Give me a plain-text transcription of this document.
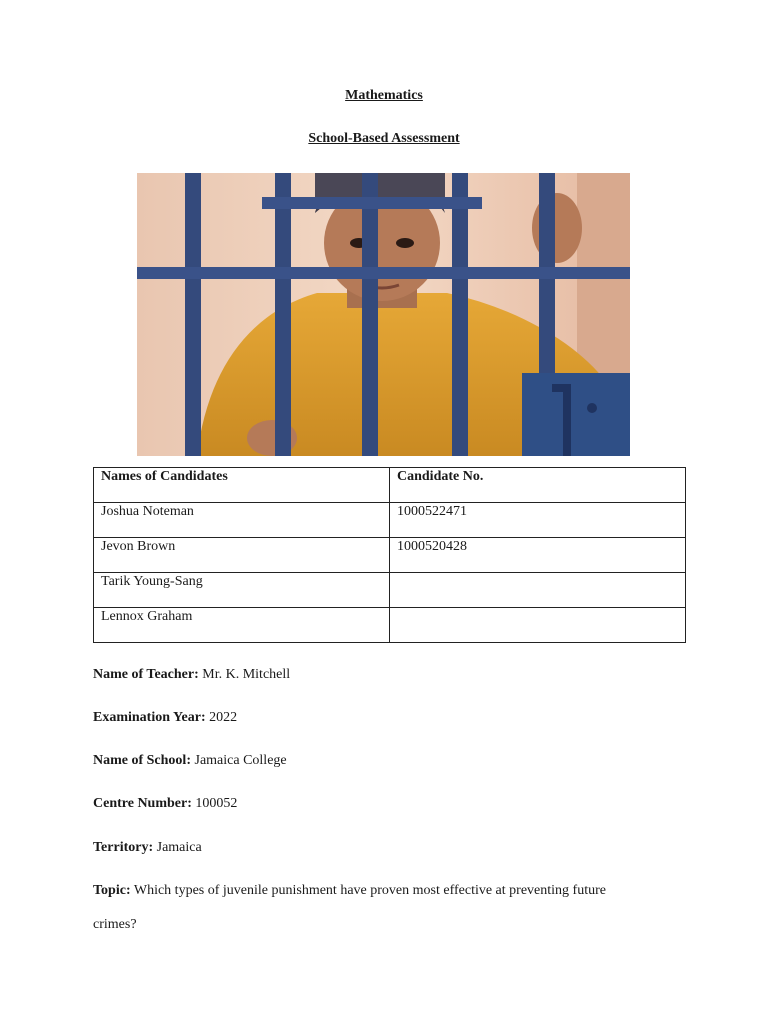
Mathematics
School-Based Assessment
Names of Candidates	Candidate No.
Joshua Noteman	1000522471
Jevon Brown	1000520428
Tarik Young-Sang	
Lennox Graham	
Name of Teacher: Mr. K. Mitchell
Examination Year: 2022
Name of School: Jamaica College
Centre Number: 100052
Territory: Jamaica
Topic: Which types of juvenile punishment have proven most effective at preventing future
crimes?
